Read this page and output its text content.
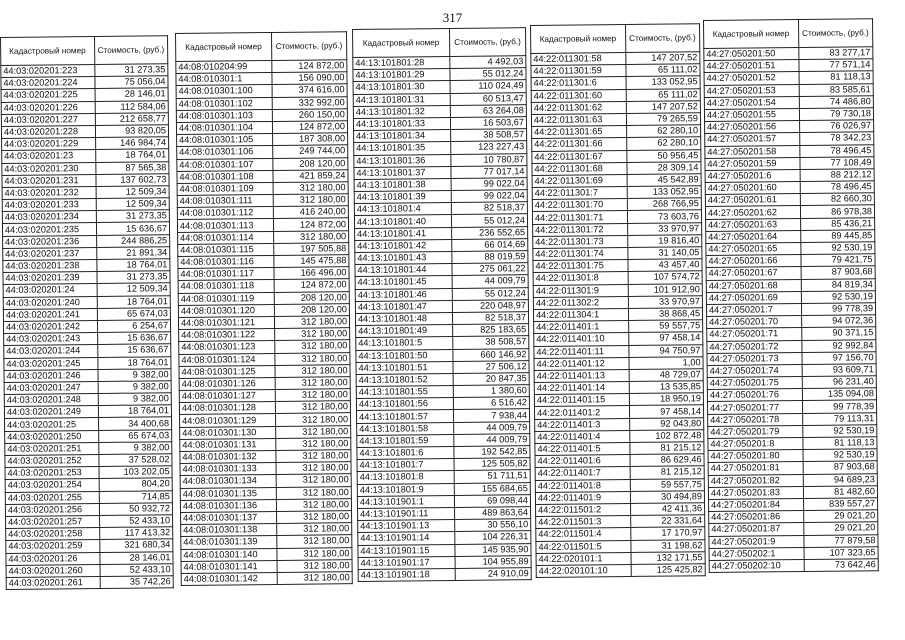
317
Кадастровый номер	Стоимость, (руб.)
44:03:020201:223	31 273,35
44:03:020201:224	75 056,04
44:03:020201:225	28 146,01
44:03:020201:226	112 584,06
44:03:020201:227	212 658,77
44:03:020201:228	93 820,05
44:03:020201:229	146 984,74
44:03:020201:23	18 764,01
44:03:020201:230	87 565,38
44:03:020201:231	137 602,73
44:03:020201:232	12 509,34
44:03:020201:233	12 509,34
44:03:020201:234	31 273,35
44:03:020201:235	15 636,67
44:03:020201:236	244 886,25
44:03:020201:237	21 891,34
44:03:020201:238	18 764,01
44:03:020201:239	31 273,35
44:03:020201:24	12 509,34
44:03:020201:240	18 764,01
44:03:020201:241	65 674,03
44:03:020201:242	6 254,67
44:03:020201:243	15 636,67
44:03:020201:244	15 636,67
44:03:020201:245	18 764,01
44:03:020201:246	9 382,00
44:03:020201:247	9 382,00
44:03:020201:248	9 382,00
44:03:020201:249	18 764,01
44:03:020201:25	34 400,68
44:03:020201:250	65 674,03
44:03:020201:251	9 382,00
44:03:020201:252	37 528,02
44:03:020201:253	103 202,05
44:03:020201:254	804,20
44:03:020201:255	714,85
44:03:020201:256	50 932,72
44:03:020201:257	52 433,10
44:03:020201:258	117 413,32
44:03:020201:259	321 680,34
44:03:020201:26	28 146,01
44:03:020201:260	52 433,10
44:03:020201:261	35 742,26
Кадастровый номер	Стоимость, (руб.)
44:08:010204:99	124 872,00
44:08:010301:1	156 090,00
44:08:010301:100	374 616,00
44:08:010301:102	332 992,00
44:08:010301:103	260 150,00
44:08:010301:104	124 872,00
44:08:010301:105	187 308,00
44:08:010301:106	249 744,00
44:08:010301:107	208 120,00
44:08:010301:108	421 859,24
44:08:010301:109	312 180,00
44:08:010301:111	312 180,00
44:08:010301:112	416 240,00
44:08:010301:113	124 872,00
44:08:010301:114	312 180,00
44:08:010301:115	197 505,88
44:08:010301:116	145 475,88
44:08:010301:117	166 496,00
44:08:010301:118	124 872,00
44:08:010301:119	208 120,00
44:08:010301:120	208 120,00
44:08:010301:121	312 180,00
44:08:010301:122	312 180,00
44:08:010301:123	312 180,00
44:08:010301:124	312 180,00
44:08:010301:125	312 180,00
44:08:010301:126	312 180,00
44:08:010301:127	312 180,00
44:08:010301:128	312 180,00
44:08:010301:129	312 180,00
44:08:010301:130	312 180,00
44:08:010301:131	312 180,00
44:08:010301:132	312 180,00
44:08:010301:133	312 180,00
44:08:010301:134	312 180,00
44:08:010301:135	312 180,00
44:08:010301:136	312 180,00
44:08:010301:137	312 180,00
44:08:010301:138	312 180,00
44:08:010301:139	312 180,00
44:08:010301:140	312 180,00
44:08:010301:141	312 180,00
44:08:010301:142	312 180,00
Кадастровый номер	Стоимость, (руб.)
44:13:101801:28	4 492,03
44:13:101801:29	55 012,24
44:13:101801:30	110 024,49
44:13:101801:31	60 513,47
44:13:101801:32	63 264,08
44:13:101801:33	16 503,67
44:13:101801:34	38 508,57
44:13:101801:35	123 227,43
44:13:101801:36	10 780,87
44:13:101801:37	77 017,14
44:13:101801:38	99 022,04
44:13:101801:39	99 022,04
44:13:101801:4	82 518,37
44:13:101801:40	55 012,24
44:13:101801:41	236 552,65
44:13:101801:42	66 014,69
44:13:101801:43	88 019,59
44:13:101801:44	275 061,22
44:13:101801:45	44 009,79
44:13:101801:46	55 012,24
44:13:101801:47	220 048,97
44:13:101801:48	82 518,37
44:13:101801:49	825 183,65
44:13:101801:5	38 508,57
44:13:101801:50	660 146,92
44:13:101801:51	27 506,12
44:13:101801:52	20 847,35
44:13:101801:55	1 380,60
44:13:101801:56	6 516,42
44:13:101801:57	7 938,44
44:13:101801:58	44 009,79
44:13:101801:59	44 009,79
44:13:101801:6	192 542,85
44:13:101801:7	125 505,82
44:13:101801:8	51 711,51
44:13:101801:9	155 684,65
44:13:101901:1	69 098,44
44:13:101901:11	489 863,64
44:13:101901:13	30 556,10
44:13:101901:14	104 226,31
44:13:101901:15	145 935,90
44:13:101901:17	104 955,89
44:13:101901:18	24 910,09
Кадастровый номер	Стоимость, (руб.)
44:22:011301:58	147 207,52
44:22:011301:59	65 111,02
44:22:011301:6	133 052,95
44:22:011301:60	65 111,02
44:22:011301:62	147 207,52
44:22:011301:63	79 265,59
44:22:011301:65	62 280,10
44:22:011301:66	62 280,10
44:22:011301:67	50 956,45
44:22:011301:68	28 309,14
44:22:011301:69	45 542,89
44:22:011301:7	133 052,95
44:22:011301:70	268 766,95
44:22:011301:71	73 603,76
44:22:011301:72	33 970,97
44:22:011301:73	19 816,40
44:22:011301:74	31 140,05
44:22:011301:75	43 457,40
44:22:011301:8	107 574,72
44:22:011301:9	101 912,90
44:22:011302:2	33 970,97
44:22:011304:1	38 868,45
44:22:011401:1	59 557,75
44:22:011401:10	97 458,14
44:22:011401:11	94 750,97
44:22:011401:12	1,00
44:22:011401:13	48 729,07
44:22:011401:14	13 535,85
44:22:011401:15	18 950,19
44:22:011401:2	97 458,14
44:22:011401:3	92 043,80
44:22:011401:4	102 872,48
44:22:011401:5	81 215,12
44:22:011401:6	86 629,46
44:22:011401:7	81 215,12
44:22:011401:8	59 557,75
44:22:011401:9	30 494,89
44:22:011501:2	42 411,36
44:22:011501:3	22 331,64
44:22:011501:4	17 170,97
44:22:011501:5	31 198,62
44:22:020101:1	132 171,55
44:22:020101:10	125 425,82
Кадастровый номер	Стоимость, (руб.)
44:27:050201:50	83 277,17
44:27:050201:51	77 571,14
44:27:050201:52	81 118,13
44:27:050201:53	83 585,61
44:27:050201:54	74 486,80
44:27:050201:55	79 730,18
44:27:050201:56	76 026,97
44:27:050201:57	78 342,23
44:27:050201:58	78 496,45
44:27:050201:59	77 108,49
44:27:050201:6	88 212,12
44:27:050201:60	78 496,45
44:27:050201:61	82 660,30
44:27:050201:62	86 978,38
44:27:050201:63	85 436,21
44:27:050201:64	89 445,85
44:27:050201:65	92 530,19
44:27:050201:66	79 421,75
44:27:050201:67	87 903,68
44:27:050201:68	84 819,34
44:27:050201:69	92 530,19
44:27:050201:7	99 778,39
44:27:050201:70	94 072,36
44:27:050201:71	90 371,15
44:27:050201:72	92 992,84
44:27:050201:73	97 156,70
44:27:050201:74	93 609,71
44:27:050201:75	96 231,40
44:27:050201:76	135 094,08
44:27:050201:77	99 778,39
44:27:050201:78	79 113,31
44:27:050201:79	92 530,19
44:27:050201:8	81 118,13
44:27:050201:80	92 530,19
44:27:050201:81	87 903,68
44:27:050201:82	94 689,23
44:27:050201:83	81 482,60
44:27:050201:84	839 557,27
44:27:050201:86	29 021,20
44:27:050201:87	29 021,20
44:27:050201:9	77 879,58
44:27:050202:1	107 323,65
44:27:050202:10	73 642,46
